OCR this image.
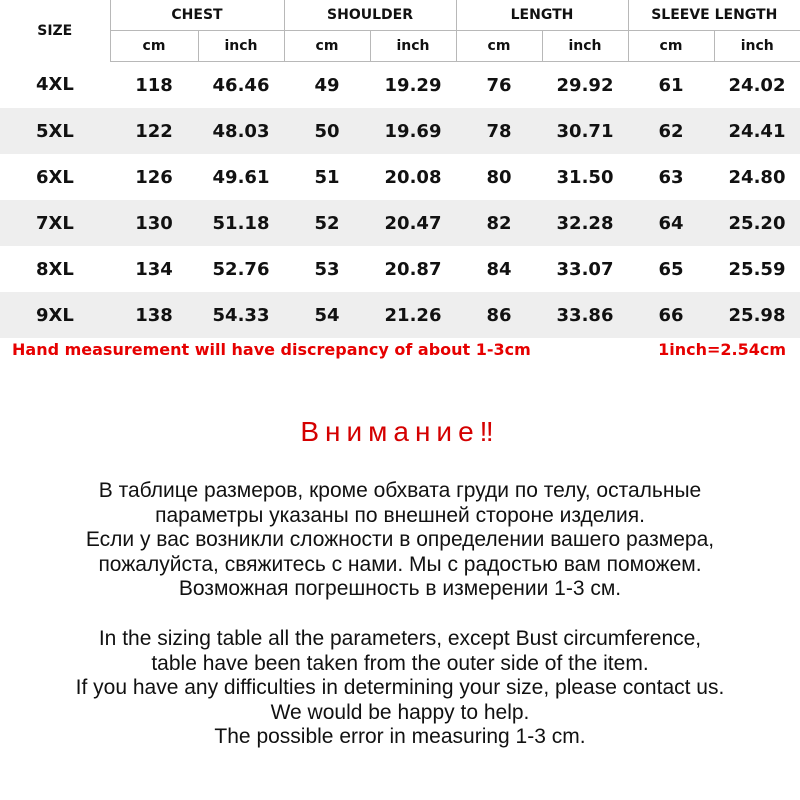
SIZE	CHEST		SHOULDER		LENGTH		SLEEVE LENGTH	
	cm	inch	cm	inch	cm	inch	cm	inch
4XL	118	46.46	49	19.29	76	29.92	61	24.02
5XL	122	48.03	50	19.69	78	30.71	62	24.41
6XL	126	49.61	51	20.08	80	31.50	63	24.80
7XL	130	51.18	52	20.47	82	32.28	64	25.20
8XL	134	52.76	53	20.87	84	33.07	65	25.59
9XL	138	54.33	54	21.26	86	33.86	66	25.98
Hand measurement will have discrepancy of about 1-3cm	1inch=2.54cm
Внимание‼
В таблице размеров, кроме обхвата груди по телу, остальные
параметры указаны по внешней стороне изделия.
Если у вас возникли сложности в определении вашего размера,
пожалуйста, свяжитесь с нами. Мы с радостью вам поможем.
Возможная погрешность в измерении 1-3 см.
In the sizing table all the parameters, except Bust circumference,
table have been taken from the outer side of the item.
If you have any difficulties in determining your size, please contact us.
We would be happy to help.
The possible error in measuring 1-3 cm.
